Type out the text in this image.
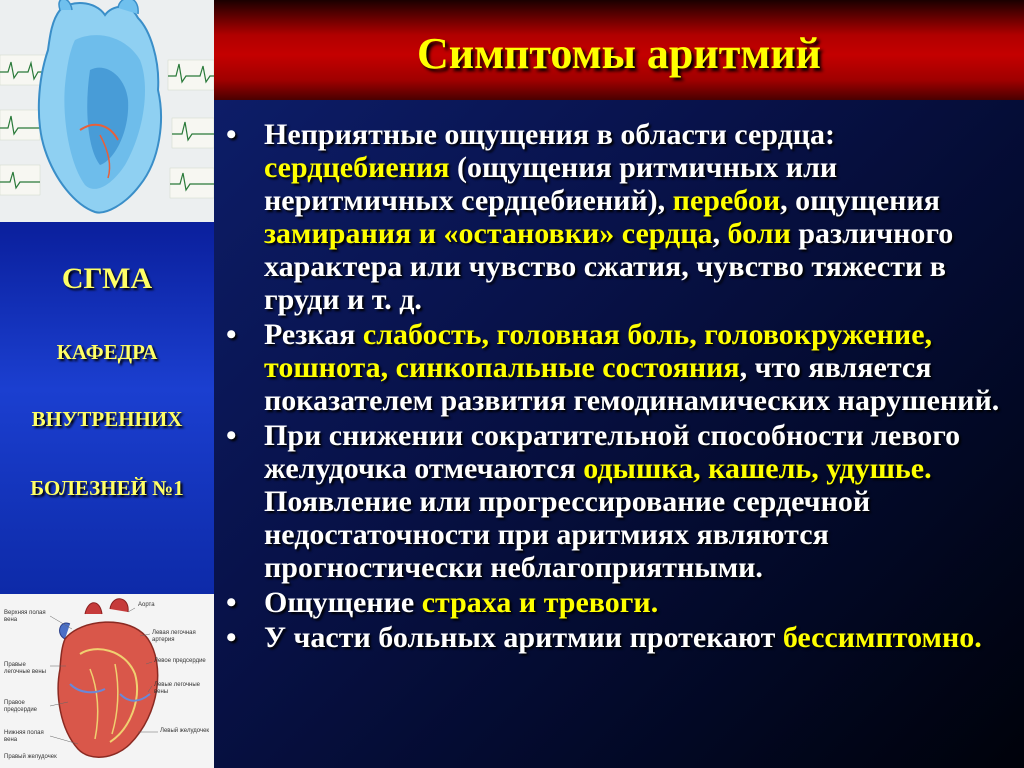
Симптомы аритмий
СГМА
КАФЕДРА
ВНУТРЕННИХ
БОЛЕЗНЕЙ №1
Верхняя полая вена
Правые легочные вены
Правое предсердие
Нижняя полая вена
Правый желудочек
Аорта
Левая легочная артерия
Левое предсердие
Левые легочные вены
Левый желудочек
• Неприятные ощущения в области сердца: сердцебиения (ощущения ритмичных или неритмичных сердцебиений), перебои, ощущения замирания и «остановки» сердца, боли различного характера или чувство сжатия, чувство тяжести в груди и т. д.
• Резкая слабость, головная боль, головокружение, тошнота, синкопальные состояния, что является показателем развития гемодинамических нарушений.
• При снижении сократительной способности левого желудочка отмечаются одышка, кашель, удушье. Появление или прогрессирование сердечной недостаточности при аритмиях являются прогностически неблагоприятными.
• Ощущение страха и тревоги.
• У части больных аритмии протекают бессимптомно.
